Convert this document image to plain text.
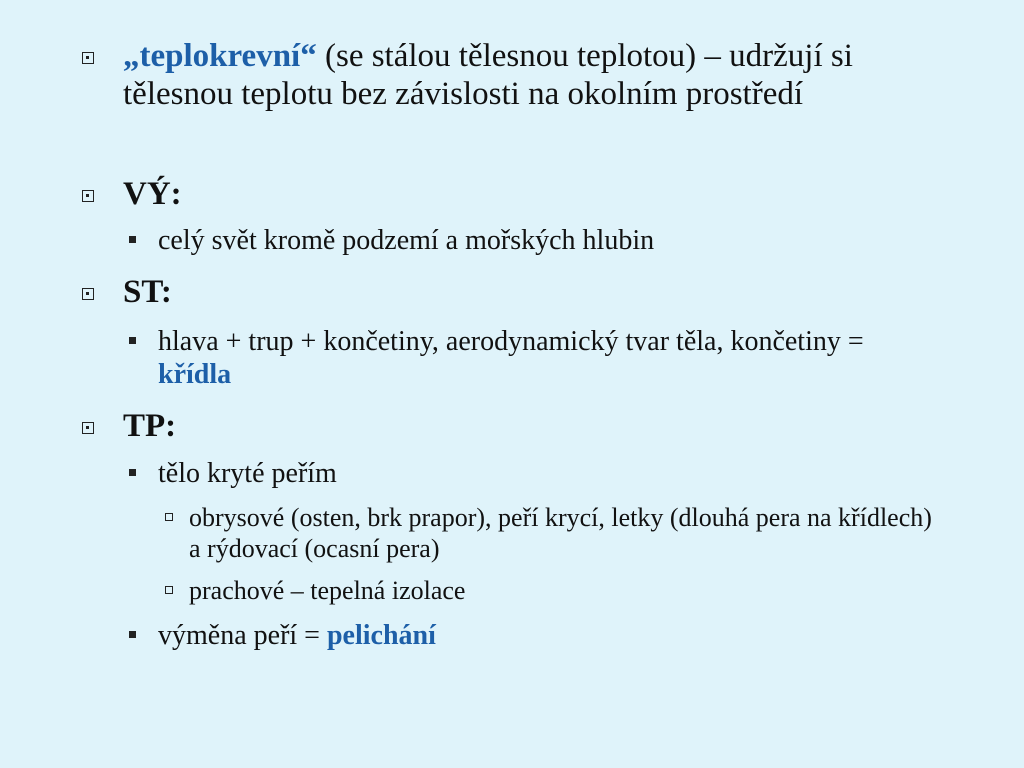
„teplokrevní“ (se stálou tělesnou teplotou) – udržují si tělesnou teplotu bez závislosti na okolním prostředí
VÝ:
celý svět kromě podzemí a mořských hlubin
ST:
hlava + trup + končetiny, aerodynamický tvar těla, končetiny = křídla
TP:
tělo kryté peřím
obrysové (osten, brk prapor), peří krycí, letky (dlouhá pera na křídlech) a rýdovací (ocasní pera)
prachové – tepelná izolace
výměna peří = pelichání
